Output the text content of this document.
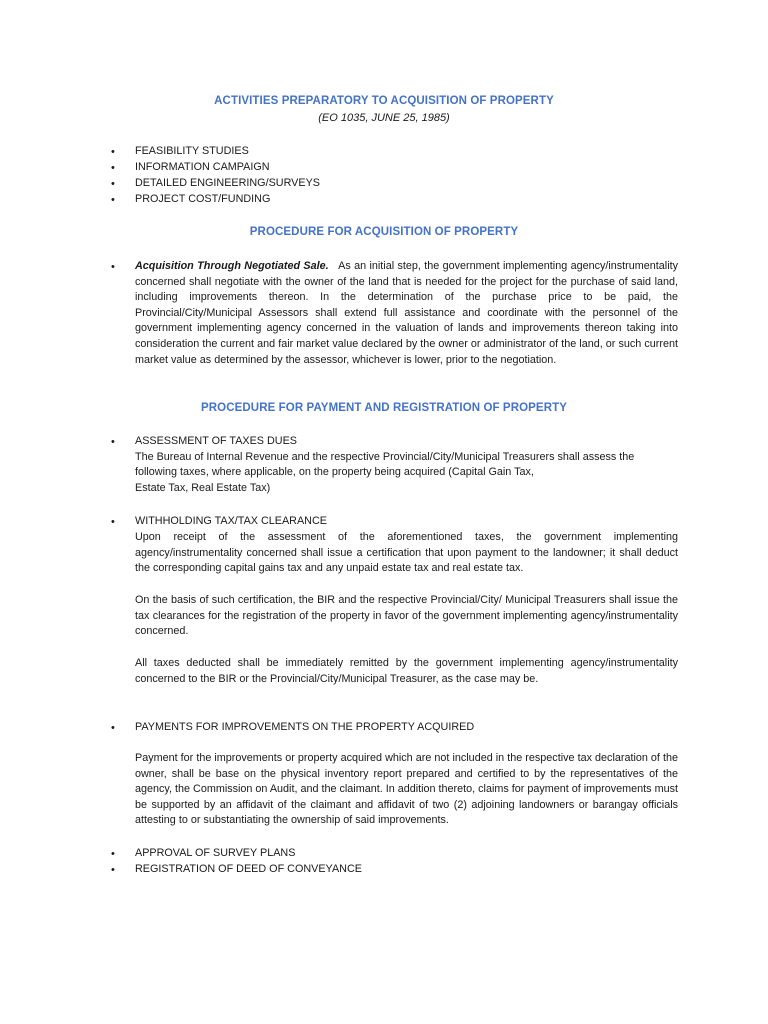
ACTIVITIES PREPARATORY TO ACQUISITION OF PROPERTY
(EO 1035, JUNE 25, 1985)
• FEASIBILITY STUDIES
• INFORMATION CAMPAIGN
• DETAILED ENGINEERING/SURVEYS
• PROJECT COST/FUNDING
PROCEDURE FOR ACQUISITION OF PROPERTY
• Acquisition Through Negotiated Sale. As an initial step, the government implementing agency/instrumentality concerned shall negotiate with the owner of the land that is needed for the project for the purchase of said land, including improvements thereon. In the determination of the purchase price to be paid, the Provincial/City/Municipal Assessors shall extend full assistance and coordinate with the personnel of the government implementing agency concerned in the valuation of lands and improvements thereon taking into consideration the current and fair market value declared by the owner or administrator of the land, or such current market value as determined by the assessor, whichever is lower, prior to the negotiation.
PROCEDURE FOR PAYMENT AND REGISTRATION OF PROPERTY
• ASSESSMENT OF TAXES DUES
The Bureau of Internal Revenue and the respective Provincial/City/Municipal Treasurers shall assess the
following taxes, where applicable, on the property being acquired (Capital Gain Tax,
Estate Tax, Real Estate Tax)
• WITHHOLDING TAX/TAX CLEARANCE
Upon receipt of the assessment of the aforementioned taxes, the government implementing agency/instrumentality concerned shall issue a certification that upon payment to the landowner; it shall deduct the corresponding capital gains tax and any unpaid estate tax and real estate tax.
On the basis of such certification, the BIR and the respective Provincial/City/ Municipal Treasurers shall issue the tax clearances for the registration of the property in favor of the government implementing agency/instrumentality concerned.
All taxes deducted shall be immediately remitted by the government implementing agency/instrumentality concerned to the BIR or the Provincial/City/Municipal Treasurer, as the case may be.
• PAYMENTS FOR IMPROVEMENTS ON THE PROPERTY ACQUIRED
Payment for the improvements or property acquired which are not included in the respective tax declaration of the owner, shall be base on the physical inventory report prepared and certified to by the representatives of the agency, the Commission on Audit, and the claimant. In addition thereto, claims for payment of improvements must be supported by an affidavit of the claimant and affidavit of two (2) adjoining landowners or barangay officials attesting to or substantiating the ownership of said improvements.
• APPROVAL OF SURVEY PLANS
• REGISTRATION OF DEED OF CONVEYANCE
